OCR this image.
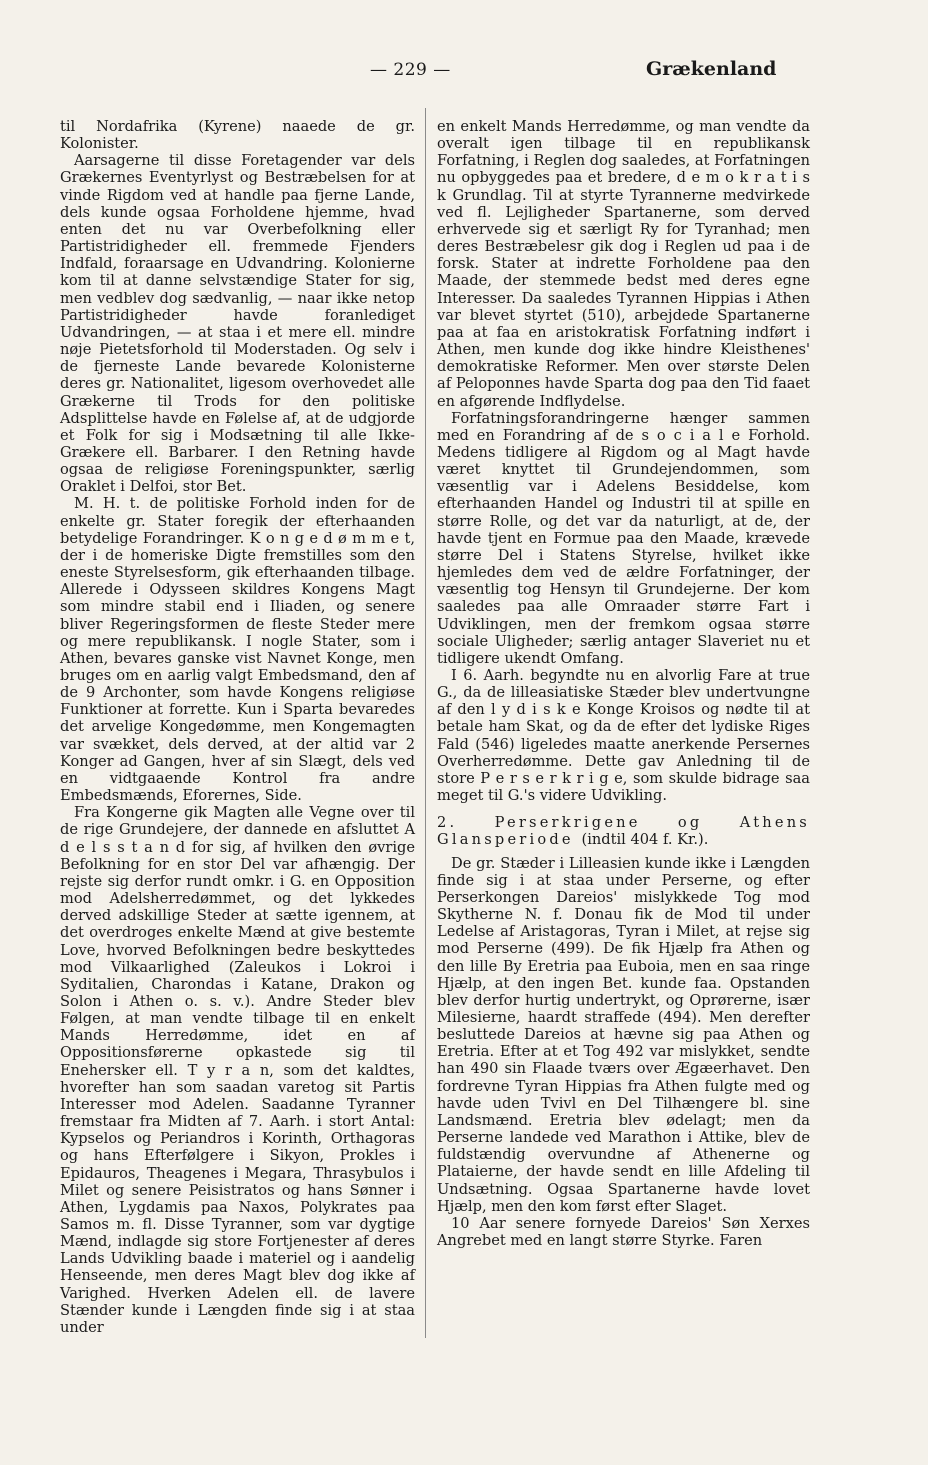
— 229 —	Grækenland

til Nordafrika (Kyrene) naaede de gr. Kolonister.

Aarsagerne til disse Foretagender var dels Grækernes Eventyrlyst og Bestræbelsen for at vinde Rigdom ved at handle paa fjerne Lande, dels kunde ogsaa Forholdene hjemme, hvad enten det nu var Overbefolkning eller Partistridigheder ell. fremmede Fjenders Indfald, foraarsage en Udvandring. Kolonierne kom til at danne selvstændige Stater for sig, men vedblev dog sædvanlig, — naar ikke netop Partistridigheder havde foranlediget Udvandringen, — at staa i et mere ell. mindre nøje Pietetsforhold til Moderstaden. Og selv i de fjerneste Lande bevarede Kolonisterne deres gr. Nationalitet, ligesom overhovedet alle Grækerne til Trods for den politiske Adsplittelse havde en Følelse af, at de udgjorde et Folk for sig i Modsætning til alle Ikke-Grækere ell. Barbarer. I den Retning havde ogsaa de religiøse Foreningspunkter, særlig Oraklet i Delfoi, stor Bet.

M. H. t. de politiske Forhold inden for de enkelte gr. Stater foregik der efterhaanden betydelige Forandringer. K o n g e d ø m m e t, der i de homeriske Digte fremstilles som den eneste Styrelsesform, gik efterhaanden tilbage. Allerede i Odysseen skildres Kongens Magt som mindre stabil end i Iliaden, og senere bliver Regeringsformen de fleste Steder mere og mere republikansk. I nogle Stater, som i Athen, bevares ganske vist Navnet Konge, men bruges om en aarlig valgt Embedsmand, den af de 9 Archonter, som havde Kongens religiøse Funktioner at forrette. Kun i Sparta bevaredes det arvelige Kongedømme, men Kongemagten var svækket, dels derved, at der altid var 2 Konger ad Gangen, hver af sin Slægt, dels ved en vidtgaaende Kontrol fra andre Embedsmænds, Eforernes, Side.

Fra Kongerne gik Magten alle Vegne over til de rige Grundejere, der dannede en afsluttet A d e l s s t a n d for sig, af hvilken den øvrige Befolkning for en stor Del var afhængig. Der rejste sig derfor rundt omkr. i G. en Opposition mod Adelsherredømmet, og det lykkedes derved adskillige Steder at sætte igennem, at det overdroges enkelte Mænd at give bestemte Love, hvorved Befolkningen bedre beskyttedes mod Vilkaarlighed (Zaleukos i Lokroi i Syditalien, Charondas i Katane, Drakon og Solon i Athen o. s. v.). Andre Steder blev Følgen, at man vendte tilbage til en enkelt Mands Herredømme, idet en af Oppositionsførerne opkastede sig til Enehersker ell. T y r a n, som det kaldtes, hvorefter han som saadan varetog sit Partis Interesser mod Adelen. Saadanne Tyranner fremstaar fra Midten af 7. Aarh. i stort Antal: Kypselos og Periandros i Korinth, Orthagoras og hans Efterfølgere i Sikyon, Prokles i Epidauros, Theagenes i Megara, Thrasybulos i Milet og senere Peisistratos og hans Sønner i Athen, Lygdamis paa Naxos, Polykrates paa Samos m. fl. Disse Tyranner, som var dygtige Mænd, indlagde sig store Fortjenester af deres Lands Udvikling baade i materiel og i aandelig Henseende, men deres Magt blev dog ikke af Varighed. Hverken Adelen ell. de lavere Stænder kunde i Længden finde sig i at staa under

en enkelt Mands Herredømme, og man vendte da overalt igen tilbage til en republikansk Forfatning, i Reglen dog saaledes, at Forfatningen nu opbyggedes paa et bredere, d e m o k r a t i s k Grundlag. Til at styrte Tyrannerne medvirkede ved fl. Lejligheder Spartanerne, som derved erhvervede sig et særligt Ry for Tyranhad; men deres Bestræbelesr gik dog i Reglen ud paa i de forsk. Stater at indrette Forholdene paa den Maade, der stemmede bedst med deres egne Interesser. Da saaledes Tyrannen Hippias i Athen var blevet styrtet (510), arbejdede Spartanerne paa at faa en aristokratisk Forfatning indført i Athen, men kunde dog ikke hindre Kleisthenes' demokratiske Reformer. Men over største Delen af Peloponnes havde Sparta dog paa den Tid faaet en afgørende Indflydelse.

Forfatningsforandringerne hænger sammen med en Forandring af de s o c i a l e Forhold. Medens tidligere al Rigdom og al Magt havde været knyttet til Grundejendommen, som væsentlig var i Adelens Besiddelse, kom efterhaanden Handel og Industri til at spille en større Rolle, og det var da naturligt, at de, der havde tjent en Formue paa den Maade, krævede større Del i Statens Styrelse, hvilket ikke hjemledes dem ved de ældre Forfatninger, der væsentlig tog Hensyn til Grundejerne. Der kom saaledes paa alle Omraader større Fart i Udviklingen, men der fremkom ogsaa større sociale Uligheder; særlig antager Slaveriet nu et tidligere ukendt Omfang.

I 6. Aarh. begyndte nu en alvorlig Fare at true G., da de lilleasiatiske Stæder blev undertvungne af den l y d i s k e Konge Kroisos og nødte til at betale ham Skat, og da de efter det lydiske Riges Fald (546) ligeledes maatte anerkende Persernes Overherredømme. Dette gav Anledning til de store P e r s e r k r i g e, som skulde bidrage saa meget til G.'s videre Udvikling.

2.	Perserkrigene og Athens Glansperiode (indtil 404 f. Kr.).

De gr. Stæder i Lilleasien kunde ikke i Længden finde sig i at staa under Perserne, og efter Perserkongen Dareios' mislykkede Tog mod Skytherne N. f. Donau fik de Mod til under Ledelse af Aristagoras, Tyran i Milet, at rejse sig mod Perserne (499). De fik Hjælp fra Athen og den lille By Eretria paa Euboia, men en saa ringe Hjælp, at den ingen Bet. kunde faa. Opstanden blev derfor hurtig undertrykt, og Oprørerne, især Milesierne, haardt straffede (494). Men derefter besluttede Dareios at hævne sig paa Athen og Eretria. Efter at et Tog 492 var mislykket, sendte han 490 sin Flaade tværs over Ægæerhavet. Den fordrevne Tyran Hippias fra Athen fulgte med og havde uden Tvivl en Del Tilhængere bl. sine Landsmænd. Eretria blev ødelagt; men da Perserne landede ved Marathon i Attike, blev de fuldstændig overvundne af Athenerne og Plataierne, der havde sendt en lille Afdeling til Undsætning. Ogsaa Spartanerne havde lovet Hjælp, men den kom først efter Slaget.

10 Aar senere fornyede Dareios' Søn Xerxes Angrebet med en langt større Styrke. Faren
